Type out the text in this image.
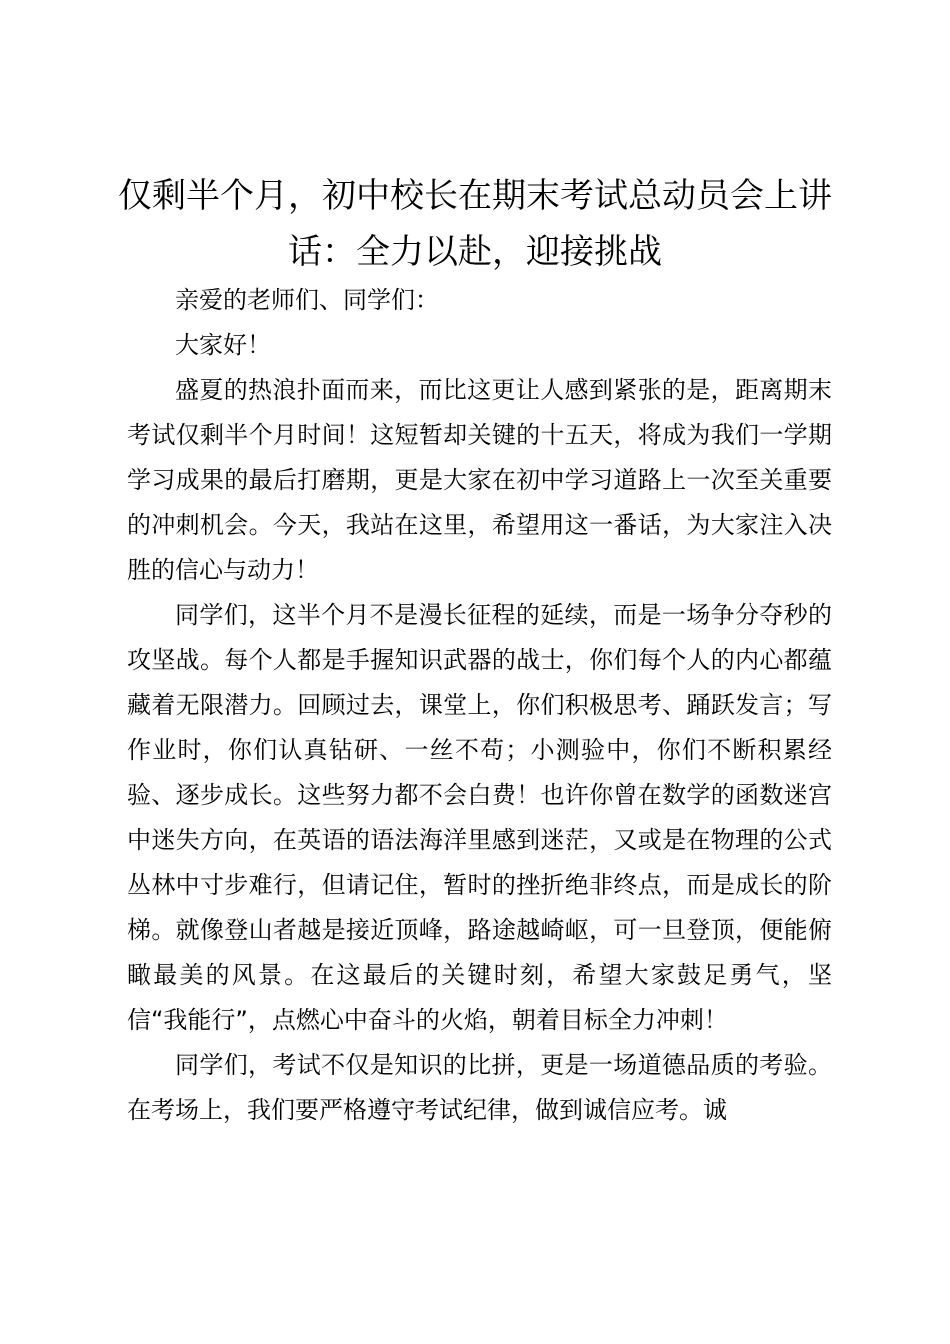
仅剩半个月，初中校长在期末考试总动员会上讲话：全力以赴，迎接挑战

亲爱的老师们、同学们：

大家好！

盛夏的热浪扑面而来，而比这更让人感到紧张的是，距离期末考试仅剩半个月时间！这短暂却关键的十五天，将成为我们一学期学习成果的最后打磨期，更是大家在初中学习道路上一次至关重要的冲刺机会。今天，我站在这里，希望用这一番话，为大家注入决胜的信心与动力！

同学们，这半个月不是漫长征程的延续，而是一场争分夺秒的攻坚战。每个人都是手握知识武器的战士，你们每个人的内心都蕴藏着无限潜力。回顾过去，课堂上，你们积极思考、踊跃发言；写作业时，你们认真钻研、一丝不苟；小测验中，你们不断积累经验、逐步成长。这些努力都不会白费！也许你曾在数学的函数迷宫中迷失方向，在英语的语法海洋里感到迷茫，又或是在物理的公式丛林中寸步难行，但请记住，暂时的挫折绝非终点，而是成长的阶梯。就像登山者越是接近顶峰，路途越崎岖，可一旦登顶，便能俯瞰最美的风景。在这最后的关键时刻，希望大家鼓足勇气，坚信“我能行”，点燃心中奋斗的火焰，朝着目标全力冲刺！

同学们，考试不仅是知识的比拼，更是一场道德品质的考验。在考场上，我们要严格遵守考试纪律，做到诚信应考。诚
